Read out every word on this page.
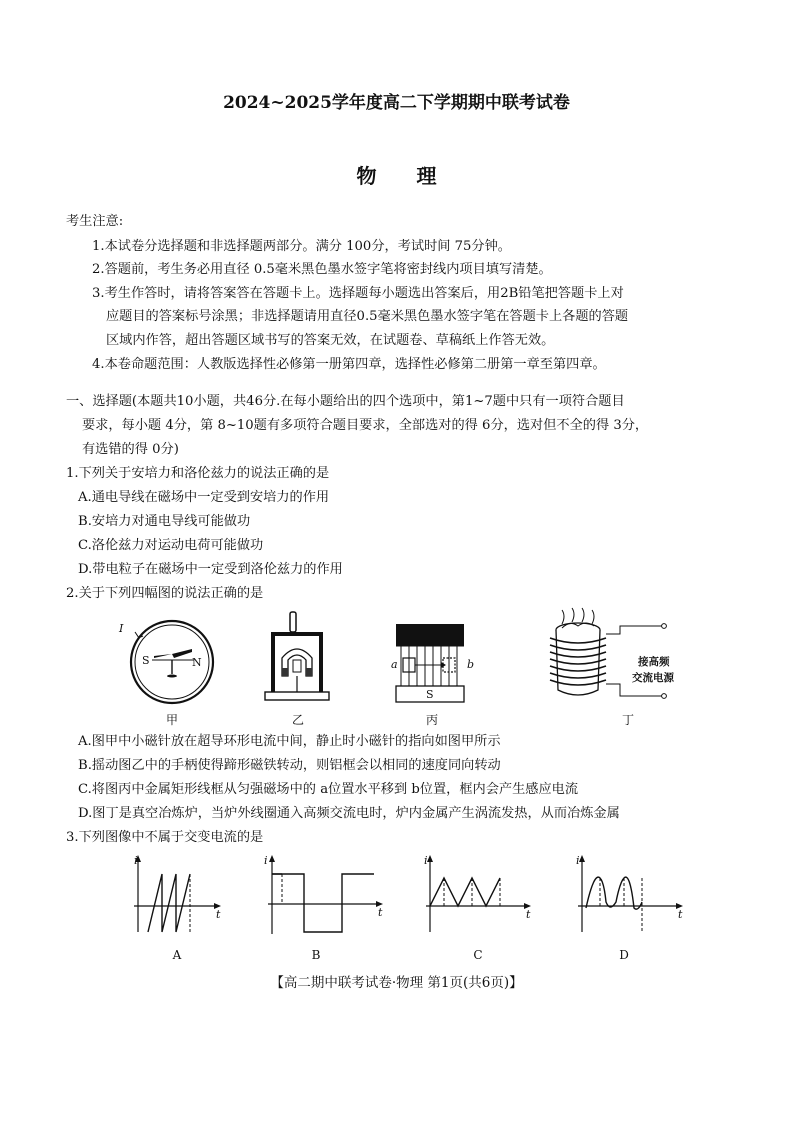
2024~2025学年度高二下学期期中联考试卷
物 理
考生注意:
1.本试卷分选择题和非选择题两部分。满分 100分，考试时间 75分钟。
2.答题前，考生务必用直径 0.5毫米黑色墨水签字笔将密封线内项目填写清楚。
3.考生作答时，请将答案答在答题卡上。选择题每小题选出答案后，用2B铅笔把答题卡上对
应题目的答案标号涂黑；非选择题请用直径0.5毫米黑色墨水签字笔在答题卡上各题的答题
区域内作答，超出答题区域书写的答案无效，在试题卷、草稿纸上作答无效。
4.本卷命题范围：人教版选择性必修第一册第四章，选择性必修第二册第一章至第四章。
一、选择题(本题共10小题，共46分.在每小题给出的四个选项中，第1~7题中只有一项符合题目
要求，每小题 4分，第 8~10题有多项符合题目要求，全部选对的得 6分，选对但不全的得 3分，
有选错的得 0分)
1.下列关于安培力和洛伦兹力的说法正确的是
A.通电导线在磁场中一定受到安培力的作用
B.安培力对通电导线可能做功
C.洛伦兹力对运动电荷可能做功
D.带电粒子在磁场中一定受到洛伦兹力的作用
2.关于下列四幅图的说法正确的是
I
S	N	a	b
S
接高频
交流电源
甲	乙	丙	丁
A.图甲中小磁针放在超导环形电流中间，静止时小磁针的指向如图甲所示
B.摇动图乙中的手柄使得蹄形磁铁转动，则铝框会以相同的速度同向转动
C.将图丙中金属矩形线框从匀强磁场中的 a位置水平移到 b位置，框内会产生感应电流
D.图丁是真空冶炼炉，当炉外线圈通入高频交流电时，炉内金属产生涡流发热，从而冶炼金属
3.下列图像中不属于交变电流的是
i
t
i
t
i
t
i
t
A	B	C	D
【高二期中联考试卷·物理 第1页(共6页)】
